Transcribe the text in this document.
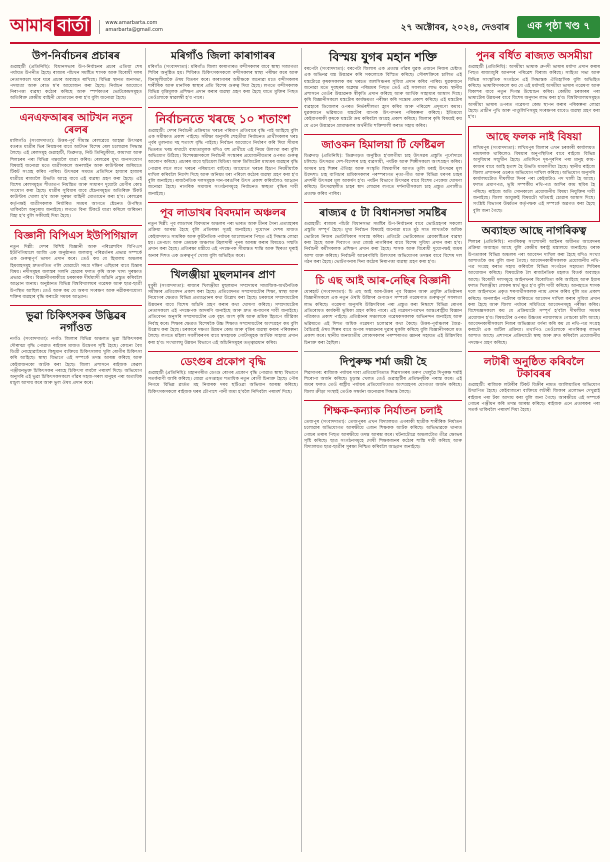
আমাৰ বাৰ্তা	www.amarbarta.com
amarbarta@gmail.com	২৭ অক্টোবৰ, ২০২৪, দেওবাৰ	এক পৃষ্ঠা খণ্ড ৭
উপ-নিৰ্বাচনৰ প্ৰচাৰৰ

গুৱাহাটী (প্ৰতিনিধি): বিধানসভাৰ উপ-নিৰ্বাচনৰ প্ৰচাৰ এতিয়া শেষ পৰ্যায়ত উপনীত হৈছে। ৰাজ্যৰ পাঁচখন সমষ্টিত শাসক আৰু বিৰোধী দলৰ নেতাসকলে ঘৰে ঘৰে প্ৰচাৰ অব্যাহত ৰাখিছে। বিভিন্ন স্থানত জনসভা, পদযাত্ৰা আৰু ৰোড শ্ব'ৰ আয়োজন কৰা হৈছে। নিৰ্বাচন আয়োগে নিৰাপত্তা ব্যৱস্থা কঠোৰ কৰিছে আৰু স্পৰ্শকাতৰ ভোটকেন্দ্ৰসমূহত অতিৰিক্ত কেন্দ্ৰীয় বাহিনী মোতায়েন কৰা হ'ব বুলি জনোৱা হৈছে।

এনএফআৰৰ আটখন নতুন ৰেলৰ

মালিগাঁও (সংবাদদাতা): উত্তৰ-পূৰ্ব সীমান্ত ৰেলৱেয়ে আহন্তা উৎসৱৰ বতৰত যাত্ৰীৰ ভিৰ নিয়ন্ত্ৰণৰ বাবে আটখন বিশেষ ৰেল চলোৱাৰ সিদ্ধান্ত লৈছে। এই ৰেলসমূহ গুৱাহাটী, ডিব্ৰুগড়, নিউ তিনিচুকীয়া, কামাখ্যা আৰু শিলচৰৰ পৰা বিভিন্ন গন্তব্যলৈ যাত্ৰা কৰিব। ৰেলৱেৰ মুখ্য জনসংযোগ বিষয়াই জনোৱা মতে যাত্ৰীসকলে অনলাইন আৰু কাউণ্টাৰৰ জৰিয়তে টিকট সংগ্ৰহ কৰিব পাৰিব। উৎসৱৰ সময়ত প্ৰতিদিনে হাজাৰ হাজাৰ যাত্ৰীয়ে ৰাজ্যলৈ উভতি আহে বাবে এই ব্যৱস্থা গ্ৰহণ কৰা হৈছে। এই বিশেষ ৰেলসমূহত শীতাতপ নিয়ন্ত্ৰিত আৰু সাধাৰণ দুয়োটা শ্ৰেণীৰ কোচ সংযোগ কৰা হৈছে। যাত্ৰীৰ সুবিধাৰ বাবে ষ্টেচনসমূহত অতিৰিক্ত টিকট কাউণ্টাৰ খোলা হ'ব আৰু সুৰক্ষা বাহিনী মোতায়েন কৰা হ'ব। ৰেলৱেৰ কৰ্তৃপক্ষই যাত্ৰীসকলক নিৰ্ধাৰিত সময়ৰ আগতে ষ্টেচনত উপস্থিত থাকিবলৈ অনুৰোধ জনাইছে। লগতে বিনা টিকটে যাত্ৰা কৰিলে জৰিমনা বিহা হ'ব বুলি সকীয়াই দিয়া হৈছে।

বিজ্ঞানী বিপিএস ইউপিগিয়াল

নতুন দিল্লী: দেশৰ বিশিষ্ট বিজ্ঞানী আৰু পৰিৱেশবিদ বিপিএস ইউপিগিয়ালে আজি এক অনুষ্ঠানত জলবায়ু পৰিৱৰ্তনৰ প্ৰভাৱ সম্পৰ্কে এক গুৰুত্বপূৰ্ণ ভাষণ প্ৰদান কৰে। তেওঁ কয় যে হিমালয় অঞ্চলৰ হিমবাহসমূহ দ্ৰুতগতিত গলি যোৱাটো সমগ্ৰ দক্ষিণ এছিয়াৰ বাবে চিন্তাৰ বিষয়। নদীসমূহৰ জলস্তৰ সলনি হোৱাৰ ফলত কৃষি আৰু খাদ্য সুৰক্ষাত প্ৰভাৱ পৰিব। বিজ্ঞানীগৰাকীয়ে চৰকাৰক দীৰ্ঘম্যাদী আঁচনি প্ৰস্তুত কৰিবলৈ আহ্বান জনায়। অনুষ্ঠানত বিভিন্ন বিশ্ববিদ্যালয়ৰ গৱেষক আৰু ছাত্ৰ-ছাত্ৰী উপস্থিত আছিল। তেওঁ আৰু কয় যে অৰণ্য সংৰক্ষণ আৰু নৱীকৰণযোগ্য শক্তিৰ ব্যৱহাৰ বৃদ্ধি কৰাটো সময়ৰ আহ্বান।

ভুৱা চিকিৎসকৰ উদ্ভিৱৰ নগাঁওত

নগাঁও (সংবাদদাতা): নগাঁও জিলাৰ বিভিন্ন অঞ্চলত ভুৱা চিকিৎসকৰ দৌৰাত্ম্য বৃদ্ধি পোৱাত ৰাইজৰ মাজত উদ্বেগৰ সৃষ্টি হৈছে। কোনো বৈধ ডিগ্ৰী নোহোৱাকৈয়ে কিছুমান ব্যক্তিয়ে চিকিৎসালয় খুলি ৰোগীৰ চিকিৎসা কৰি আহিছে। স্বাস্থ্য বিভাগে এই সম্পৰ্কে তদন্ত আৰম্ভ কৰিছে আৰু কেইবাজনকো আটক কৰা হৈছে। জিলা প্ৰশাসনে ৰাইজক কেৱল পঞ্জীয়নভুক্ত চিকিৎসকৰ পৰাহে চিকিৎসা লবলৈ পৰামৰ্শ দিছে। অভিযোগ অনুসৰি এই ভুৱা চিকিৎসকসকলে গাঁৱৰ সহজ-সৰল মানুহৰ পৰা অত্যধিক মাচুল আদায় কৰে আৰু ভুল ঔষধ প্ৰদান কৰে।

মৰিগাঁও জিলা কাৰাগাৰৰ

মৰিগাঁও (সংবাদদাতা): মৰিগাঁও জিলা কাৰাগাৰত বন্দীসকলৰ বাবে স্বাস্থ্য সজাগতা শিবিৰ অনুষ্ঠিত হয়। শিবিৰত চিকিৎসকসকলে বন্দীসকলৰ স্বাস্থ্য পৰীক্ষা কৰে আৰু বিনামূলীয়াকৈ ঔষধ বিতৰণ কৰে। কাৰাগাৰৰ অধীক্ষকে জনোৱা মতে বন্দীসকলৰ শাৰীৰিক আৰু মানসিক স্বাস্থ্যৰ প্ৰতি বিশেষ গুৰুত্ব দিয়া হৈছে। লগতে বন্দীসকলক বিভিন্ন বৃত্তিমূলক প্ৰশিক্ষণ প্ৰদান কৰাৰ ব্যৱস্থা গ্ৰহণ কৰা হৈছে যাতে মুক্তিৰ পিছত তেওঁলোকে স্বাৱলম্বী হ'ব পাৰে।

নিৰ্বাচনতে খৰছে ১০ শতাংশ

গুৱাহাটী: দেশৰ নিৰ্বাচনী প্ৰক্ৰিয়াত খৰচৰ পৰিমাণ প্ৰতিবাৰে বৃদ্ধি পাই আহিছে বুলি এক সমীক্ষাত প্ৰকাশ পাইছে। সমীক্ষা অনুসৰি শেহতীয়া নিৰ্বাচনত প্ৰাৰ্থীসকলৰ খৰচ পূৰ্বৰ তুলনাত দহ শতাংশ বৃদ্ধি পাইছে। নিৰ্বাচন আয়োগে নিৰ্ধাৰণ কৰি দিয়া সীমাৰ ভিতৰত খৰচ ৰখাটো বাধ্যতামূলক যদিও বহু প্ৰাৰ্থীয়ে এই নিয়ম উলংঘা কৰা বুলি অভিযোগ উঠিছে। বিশেষজ্ঞসকলে নিৰ্বাচনী সংস্কাৰৰ প্ৰয়োজনীয়তাৰ ওপৰত গুৰুত্ব আৰোপ কৰিছে। প্ৰচাৰৰ বাবে ছচিয়েল মিডিয়া আৰু ডিজিটেল মাধ্যমৰ ব্যৱহাৰ বৃদ্ধি পোৱাৰ লগে লগে খৰচৰ পৰিমাণো বাঢ়িছে। আয়োগে খৰচৰ হিচাপ নিয়মীয়াকৈ দাখিল কৰিবলৈ নিৰ্দেশ দিছে আৰু অনিয়ম ধৰা পৰিলে কঠোৰ ব্যৱস্থা গ্ৰহণ কৰা হ'ব বুলি জনাইছে। ৰাজনৈতিক দলসমূহক দান-বৰঙণিৰ উৎস প্ৰকাশ কৰিবলৈও আহ্বান জনোৱা হৈছে। নাগৰিক সমাজৰ সংগঠনসমূহে নিৰ্বাচনত স্বচ্ছতা বৃদ্ধিৰ দাবী জনাইছে।

পূব লাডাখৰ বিবদমান অঞ্চলৰ

নতুন দিল্লী: পূব লাডাখৰ বিবদমান অঞ্চলৰ পৰা ভাৰত আৰু চীনৰ সৈন্য প্ৰত্যাহাৰৰ প্ৰক্ৰিয়া আৰম্ভ হৈছে বুলি প্ৰতিৰক্ষা সূত্ৰই জনাইছে। দুয়োখন দেশৰ মাজত কেইবাদফাও সামৰিক আৰু কূটনৈতিক পৰ্যায়ৰ আলোচনাৰ পিছত এই সিদ্ধান্ত লোৱা হয়। ডেপচাং আৰু ডেমচক অঞ্চলত টহলদাৰী পুনৰ আৰম্ভ কৰাৰ বিষয়েও সন্মতি প্ৰদান কৰা হৈছে। প্ৰতিৰক্ষা মন্ত্ৰীয়ে এই পদক্ষেপক সীমান্তত শান্তি আৰু স্থিৰতা ঘূৰাই অনাৰ দিশত এক গুৰুত্বপূৰ্ণ খোজ বুলি অভিহিত কৰে।

খিলঞ্জীয়া মুছলমানৰ প্ৰাণ

ধুবুৰী (সংবাদদাতা): ৰাজ্যৰ খিলঞ্জীয়া মুছলমান সম্প্ৰদায়ৰ সামাজিক-অৰ্থনৈতিক সমীক্ষাৰ প্ৰতিবেদন প্ৰকাশ কৰা হৈছে। প্ৰতিবেদনত সম্প্ৰদায়টোৰ শিক্ষা, স্বাস্থ্য আৰু নিয়োগৰ ক্ষেত্ৰত বিভিন্ন প্ৰত্যাহ্বানৰ কথা উল্লেখ কৰা হৈছে। চৰকাৰে সম্প্ৰদায়টোৰ উন্নয়নৰ বাবে বিশেষ আঁচনি গ্ৰহণ কৰাৰ কথা ঘোষণা কৰিছে। সম্প্ৰদায়টোৰ নেতাসকলে এই পদক্ষেপক আদৰণি জনাইছে আৰু দ্ৰুত ৰূপায়ণৰ দাবী জনাইছে। প্ৰতিবেদন অনুসৰি সম্প্ৰদায়টোৰ এক বৃহৎ অংশ কৃষি আৰু শ্ৰমিক হিচাপে জীৱিকা নিৰ্বাহ কৰে। শিক্ষাৰ ক্ষেত্ৰত বিশেষকৈ উচ্চ শিক্ষাত সম্প্ৰদায়টোৰ অংশগ্ৰহণ কম বুলি উল্লেখ কৰা হৈছে। চৰকাৰে দক্ষতা উন্নয়ন কেন্দ্ৰ আৰু বৃত্তিৰ ব্যৱস্থা কৰাৰ পৰিকল্পনা লৈছে। লগতে মহিলা সবলীকৰণৰ বাবে স্বসহায়ক গোটসমূহক আৰ্থিক সাহায্য প্ৰদান কৰা হ'ব। সংখ্যালঘু উন্নয়ন বিভাগে এই আঁচনিসমূহৰ তত্ত্বাৱধান কৰিব।

ডেংগুৰ প্ৰকোপ বৃদ্ধি

গুৱাহাটী (প্ৰতিনিধি): মহানগৰীত ডেংগু ৰোগৰ প্ৰকোপ বৃদ্ধি পোৱাত স্বাস্থ্য বিভাগে সতৰ্কবাণী জাৰি কৰিছে। যোৱা এসপ্তাহত শতাধিক নতুন ৰোগী চিনাক্ত হৈছে। পৌৰ নিগমে বিভিন্ন ৱাৰ্ডত মহ নিবাৰক দৰব ছটিওৱা অভিযান আৰম্ভ কৰিছে। চিকিৎসকসকলে ৰাইজক ঘৰৰ চৌপাশে পানী জমা হ'বলৈ নিদিবলৈ পৰামৰ্শ দিছে।

বিস্ময় যুগৰ মহান শক্তি

বৰপেটা (সংবাদদাতা): বৰপেটা জিলাৰ এক প্ৰত্যন্ত গাঁৱৰ যুৱক এজনে নিজৰ চেষ্টাত এক অভিনৱ যন্ত্ৰ উদ্ভাৱন কৰি সকলোকে বিস্মিত কৰিছে। সৌৰশক্তিৰে চালিত এই যন্ত্ৰটোৱে কৃষকসকলক কম খৰচত জলসিঞ্চনৰ সুবিধা প্ৰদান কৰিব পাৰিব। যুৱকজনে জনোৱা মতে দুবছৰৰ অক্লান্ত পৰিশ্ৰমৰ পিছত তেওঁ এই সফলতা লাভ কৰে। স্থানীয় প্ৰশাসনে তেওঁৰ উদ্ভাৱনক স্বীকৃতি প্ৰদান কৰিছে আৰু আৰ্থিক সাহায্যৰ আশ্বাস দিছে। কৃষি বিজ্ঞানীসকলে যন্ত্ৰটোৰ কাৰ্যক্ষমতা পৰীক্ষা কৰি সন্তোষ প্ৰকাশ কৰিছে। এই যন্ত্ৰটোৰ ব্যৱহাৰে ডিজেলৰ ওপৰত নিৰ্ভৰশীলতা হ্ৰাস কৰিব আৰু পৰিৱেশ প্ৰদূষণো কমাব। যুৱকজনে ভৱিষ্যতে যন্ত্ৰটোৰ ব্যাপক উৎপাদনৰ পৰিকল্পনা কৰিছে। ইতিমধ্যে কেইবাগৰাকী কৃষকে যন্ত্ৰটো ক্ৰয় কৰিবলৈ আগ্ৰহ প্ৰকাশ কৰিছে। জিলাৰ কৃষি বিষয়াই কয় যে এনে উদ্ভাৱনে গ্ৰামাঞ্চলৰ অৰ্থনীতি শক্তিশালী কৰাত সহায় কৰিব।

জাওকন হিমালয়া টি ফেষ্টিৱল

ডিব্ৰুগড় (প্ৰতিনিধি): ডিব্ৰুগড়ত অনুষ্ঠিত হ'বলগীয়া চাহ উৎসৱৰ প্ৰস্তুতি পূৰ্ণোদ্যমে চলিছে। উৎসৱত দেশ-বিদেশৰ চাহ ব্যৱসায়ী, পৰ্যটক আৰু শিল্পীসকলে অংশগ্ৰহণ কৰিব। অসমৰ চাহ শিল্পৰ ঐতিহ্য আৰু সংস্কৃতি বিশ্ববাসীৰ আগত তুলি ধৰাই উৎসৱৰ মূল উদ্দেশ্য। চাহ বাগিচাৰ শ্ৰমিকসকলৰ পৰম্পৰাগত নৃত্য-গীত আৰু বিভিন্ন ধৰণৰ চাহৰ প্ৰদৰ্শনী উৎসৱৰ মূল আকৰ্ষণ হ'ব। পৰ্যটন বিভাগে উৎসৱৰ বাবে বিশেষ পেকেজ ঘোষণা কৰিছে। উৎসৱস্থলীত চাহৰ স্বাদ লোৱাৰ লগতে দৰ্শনাৰ্থীসকলে চাহ প্ৰস্তুত প্ৰণালীও প্ৰত্যক্ষ কৰিব পাৰিব।

ৰাজ্যৰ ৫ টা বিধানসভা সমষ্টিৰ

গুৱাহাটী: ৰাজ্যৰ পাঁচটা বিধানসভা সমষ্টিৰ উপ-নিৰ্বাচনৰ বাবে ভোটগ্ৰহণৰ সকলো প্ৰস্তুতি সম্পূৰ্ণ হৈছে। মুখ্য নিৰ্বাচন বিষয়াই জনোৱা মতে মুঠ সাত লাখতকৈ অধিক ভোটাৰে নিজৰ ভোটাধিকাৰ সাব্যস্ত কৰিব। প্ৰতিটো ভোটকেন্দ্ৰত ৱেবকাষ্টিঙৰ ব্যৱস্থা কৰা হৈছে আৰু দিব্যাংগ তথা জ্যেষ্ঠ নাগৰিকৰ বাবে বিশেষ সুবিধা প্ৰদান কৰা হ'ব। নিৰ্বাচনী কৰ্মীসকলক প্ৰশিক্ষণ প্ৰদান কৰা হৈছে। শাসক আৰু বিৰোধী দুয়োপক্ষই জয়ৰ আশা ব্যক্ত কৰিছে। নিৰ্বাচনী আচৰণবিধি উলংঘাৰ অভিযোগৰ তদন্তৰ বাবে বিশেষ দল গঠন কৰা হৈছে। ভোটগণনাৰ দিনা কঠোৰ নিৰাপত্তা ব্যৱস্থা গ্ৰহণ কৰা হ'ব।

চি এছ আই আৰ-নেছিৰ বিজ্ঞানী

যোৰহাট (সংবাদদাতা): চি এছ আই আৰ-উত্তৰ পূব বিজ্ঞান আৰু প্ৰযুক্তি প্ৰতিষ্ঠানৰ বিজ্ঞানীসকলে এক নতুন ঔষধি উদ্ভিদৰ গুণাগুণ সম্পৰ্কে গৱেষণাত গুৰুত্বপূৰ্ণ সফলতা লাভ কৰিছে। গৱেষণা অনুসৰি উদ্ভিদবিধৰ পৰা প্ৰস্তুত কৰা নিষ্কাশে বিভিন্ন ৰোগৰ প্ৰতিৰোধত কাৰ্যকৰী ভূমিকা গ্ৰহণ কৰিব পাৰে। এই গৱেষণাপত্ৰখন আন্তঃৰাষ্ট্ৰীয় বিজ্ঞান পত্ৰিকাত প্ৰকাশ পাইছে। প্ৰতিষ্ঠানৰ সঞ্চালকে গৱেষকসকলক অভিনন্দন জনাইছে আৰু ভৱিষ্যতে এই দিশত অধিক গৱেষণা চলোৱাৰ কথা কৈছে। উত্তৰ-পূৰ্বাঞ্চলৰ জৈৱ-বৈচিত্ৰ্যই ঔষধ শিল্পৰ বাবে অপাৰ সম্ভাৱনাৰ দুৱাৰ মুকলি কৰিছে বুলি বিজ্ঞানীসকলে মত প্ৰকাশ কৰে। স্থানীয় জনজাতীয় লোকসকলৰ পৰম্পৰাগত জ্ঞানৰ সহায়ত এই উদ্ভিদবিধ চিনাক্ত কৰা হৈছিল।

দিপুৰুক্ষ শৰ্মা জয়ী হৈ

শিৱসাগৰ: ৰাজ্যিক পৰ্যায়ৰ দাবা প্ৰতিযোগিতাত শিৱসাগৰৰ তৰুণ খেলুৱৈ দিপুৰুক্ষ শৰ্মাই শিৰোপা অৰ্জন কৰিছে। চূড়ান্ত খেলত তেওঁ গুৱাহাটীৰ প্ৰতিদ্বন্দ্বীক পৰাস্ত কৰে। এই জয়ৰ ফলত তেওঁ ৰাষ্ট্ৰীয় পৰ্যায়ৰ প্ৰতিযোগিতাত অংশগ্ৰহণৰ যোগ্যতা অৰ্জন কৰিছে। জিলা ক্ৰীড়া সংস্থাই তেওঁক সম্বৰ্ধনা জনোৱাৰ সিদ্ধান্ত লৈছে।

শিক্ষক-কন্যাক নিৰ্যাতন চলাই

তেজপুৰ (সংবাদদাতা): তেজপুৰৰ এখন বিদ্যালয়ত এগৰাকী ছাত্ৰীক শাৰীৰিক নিৰ্যাতন চলোৱাৰ অভিযোগত আৰক্ষীয়ে এজন শিক্ষকক আটক কৰিছে। অভিভাৱকে থানাত গোচৰ তৰাৰ পিছত আৰক্ষীয়ে তদন্ত আৰম্ভ কৰে। ঘটনাটোৱে অঞ্চলটোত তীব্ৰ ক্ষোভৰ সৃষ্টি কৰিছে। ছাত্ৰ সংগঠনসমূহে দোষী শিক্ষকজনৰ কঠোৰ শাস্তি দাবী কৰিছে আৰু বিদ্যালয়ত ছাত্ৰ-ছাত্ৰীৰ সুৰক্ষা নিশ্চিত কৰিবলৈ আহ্বান জনাইছে।

পুনৰ বৰ্ধিত ৰাজ্যত অসমীয়া

গুৱাহাটী (প্ৰতিনিধি): অসমীয়া ভাষাক ধ্ৰুপদী ভাষাৰ মৰ্যাদা প্ৰদান কৰাৰ পিছত ৰাজ্যজুৰি আনন্দৰ পৰিৱেশ বিৰাজ কৰিছে। সাহিত্য সভা আৰু বিভিন্ন সাংস্কৃতিক সংগঠনে এই সিদ্ধান্তক ঐতিহাসিক বুলি অভিহিত কৰিছে। ভাষাবিদসকলে কয় যে এই মৰ্যাদাই অসমীয়া ভাষাৰ গৱেষণা আৰু বিকাশৰ বাবে নতুন দিগন্ত উন্মোচন কৰিব। কেন্দ্ৰীয় চৰকাৰৰ পৰা ভাষাটোৰ উন্নয়নৰ বাবে বিশেষ অনুদান লাভ কৰা হ'ব। বিশ্ববিদ্যালয়সমূহত অসমীয়া ভাষাৰ ওপৰত গৱেষণা কেন্দ্ৰ স্থাপন কৰাৰ পৰিকল্পনা লোৱা হৈছে। প্ৰাচীন পুথি আৰু পাণ্ডুলিপিসমূহ সংৰক্ষণৰ বাবেও ব্যৱস্থা গ্ৰহণ কৰা হ'ব।

আছে ফলক নাই বিষয়া

লখিমপুৰ (সংবাদদাতা): লখিমপুৰ জিলাৰ এখন চৰকাৰী কাৰ্যালয়ত নামফলক থাকিলেও বিষয়াৰ অনুপস্থিতিৰ বাবে ৰাইজে বিভিন্ন অসুবিধাৰ সন্মুখীন হৈছে। প্ৰতিদিনে দূৰ-দূৰণিৰ পৰা মানুহ কাম-কাজৰ বাবে আহি হতাশ হৈ উভতি যাবলগীয়া হৈছে। স্থানীয় ৰাইজে জিলা প্ৰশাসনৰ ওচৰত অভিযোগ দাখিল কৰিছে। অভিযোগ অনুসৰি কাৰ্যালয়টোত দীঘলীয়া দিনৰ পৰা কেইবাটাও পদ খালী হৈ আছে। ফলত প্ৰমাণপত্ৰ, ভূমি সম্পৰ্কীয় নথি-পত্ৰ আদিৰ কাম স্থবিৰ হৈ পৰিছে। ৰাইজে অতি সোনকালে প্ৰয়োজনীয় বিষয়া নিযুক্তিৰ দাবী জনাইছে। জিলা আয়ুক্তই বিষয়টো খতিয়াই চোৱাৰ আশ্বাস দিছে। সংশ্লিষ্ট বিভাগৰ উৰ্ধ্বতন কৰ্তৃপক্ষক এই সম্পৰ্কে অৱগত কৰা হৈছে বুলি জনা গৈছে।

অব্যাহত আছে নাগৰিকত্ব

শিলচৰ (প্ৰতিনিধি): নাগৰিকত্ব সংশোধনী আইনৰ অধীনত আবেদনৰ প্ৰক্ৰিয়া অব্যাহত আছে বুলি কেন্দ্ৰীয় স্বৰাষ্ট্ৰ মন্ত্ৰালয়ে জনাইছে। বৰাক উপত্যকাৰ বিভিন্ন অঞ্চলৰ পৰা আবেদন দাখিল কৰা হৈছে যদিও সংখ্যা আশাতকৈ কম বুলি জনা গৈছে। আবেদনকাৰীসকলক প্ৰয়োজনীয় নথি-পত্ৰ সংগ্ৰহ কৰাত সহায় কৰিবলৈ বিভিন্ন সংগঠনে সহায়তা শিবিৰৰ আয়োজন কৰিছে। বিষয়টোক লৈ ৰাজনৈতিক মহলত বিতৰ্ক অব্যাহত আছে। বিৰোধী দলসমূহে আইনখনৰ বিৰোধিতা কৰি আহিছে আৰু ইয়াৰ ফলত খিলঞ্জীয়া লোকৰ স্বাৰ্থ ক্ষুণ্ণ হ'ব বুলি দাবী কৰিছে। আনহাতে শাসক দলে আইনখনে প্ৰকৃত শৰণাৰ্থীসকলক ন্যায় প্ৰদান কৰিব বুলি মত প্ৰকাশ কৰিছে। অনলাইন পৰ্টেলৰ জৰিয়তে আবেদন দাখিল কৰাৰ সুবিধা প্ৰদান কৰা হৈছে আৰু জিলা পৰ্যায়ৰ সমিতিয়ে আবেদনসমূহ পৰীক্ষা কৰিব। বিশেষজ্ঞসকলে কয় যে প্ৰক্ৰিয়াটো সম্পূৰ্ণ হ'বলৈ দীঘলীয়া সময়ৰ প্ৰয়োজন হ'ব। বিষয়টোৰ ওপৰত উচ্চতম ন্যায়ালয়ত গোচৰো চলি আছে। আবেদনকাৰীসকলে নিজৰ অভিজ্ঞতা বৰ্ণনা কৰি কয় যে নথি-পত্ৰ সংগ্ৰহ কৰাটো এক জটিল প্ৰক্ৰিয়া। তথাপিও তেওঁলোকে নাগৰিকত্ব লাভৰ আশাত আছে। প্ৰশাসনে প্ৰক্ৰিয়াটো স্বচ্ছ আৰু দ্ৰুত কৰিবলৈ প্ৰয়োজনীয় পদক্ষেপ গ্ৰহণ কৰিছে।

লটাৰী অনুষ্ঠিত কৰিবলৈ টকাবৰৰ

গুৱাহাটী: ৰাজ্যিক লটাৰীৰ টিকট বিক্ৰীৰ নামত জালিয়াতিৰ অভিযোগ উত্থাপিত হৈছে। কেইবাজনো ব্যক্তিয়ে লটাৰী জিকাৰ প্ৰলোভন দেখুৱাই ৰাইজৰ পৰা টকা আদায় কৰা বুলি জনা গৈছে। আৰক্ষীয়ে এই সম্পৰ্কে গোচৰ পঞ্জীয়ন কৰি তদন্ত আৰম্ভ কৰিছে। ৰাইজক এনে প্ৰতাৰকৰ পৰা সতৰ্ক থাকিবলৈ পৰামৰ্শ দিয়া হৈছে।
